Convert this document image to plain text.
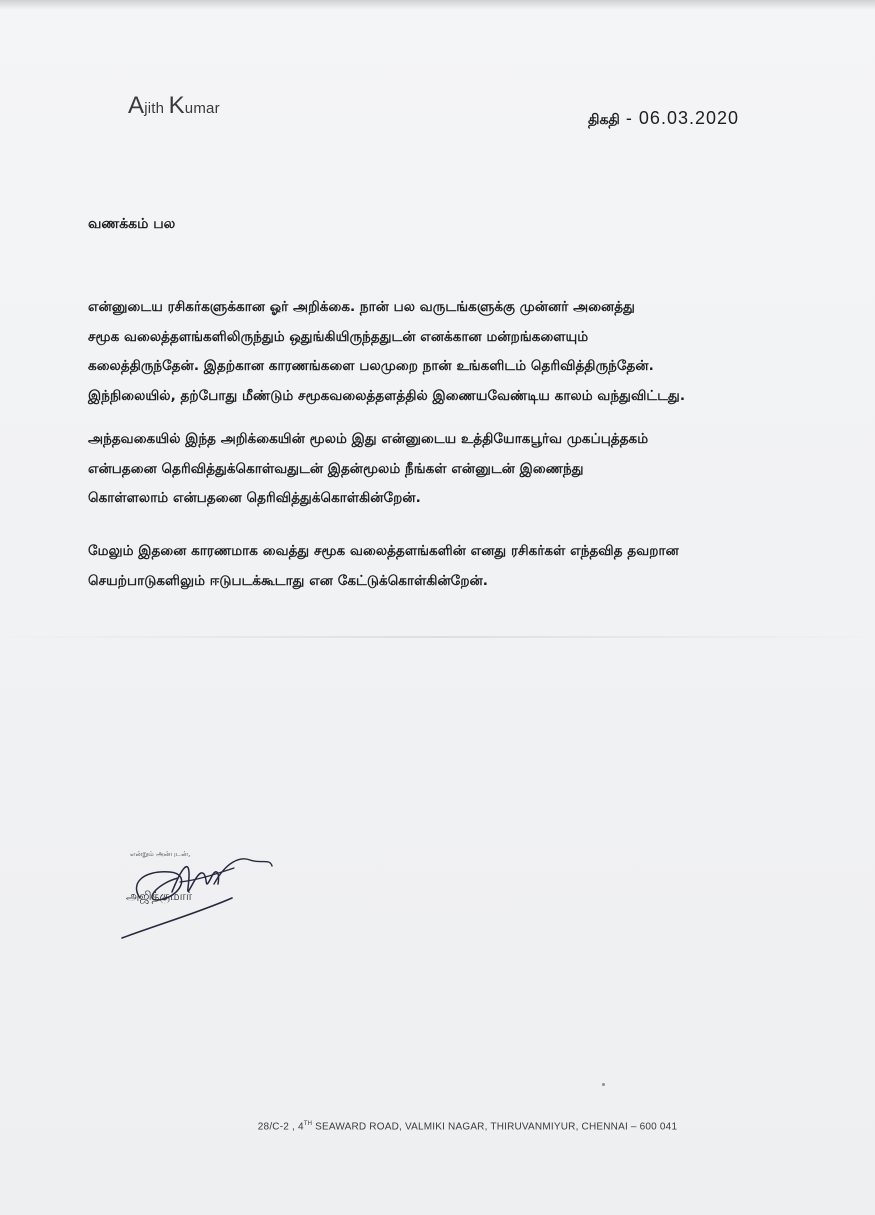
Ajith Kumar
திகதி - 06.03.2020
வணக்கம் பல
என்னுடைய ரசிகர்களுக்கான ஓர் அறிக்கை. நான் பல வருடங்களுக்கு முன்னர் அனைத்து
சமூக வலைத்தளங்களிலிருந்தும் ஒதுங்கியிருந்ததுடன் எனக்கான மன்றங்களையும்
கலைத்திருந்தேன். இதற்கான காரணங்களை பலமுறை நான் உங்களிடம் தெரிவித்திருந்தேன்.
இந்நிலையில், தற்போது மீண்டும் சமூகவலைத்தளத்தில் இணையவேண்டிய காலம் வந்துவிட்டது.
அந்தவகையில் இந்த அறிக்கையின் மூலம் இது என்னுடைய உத்தியோகபூர்வ முகப்புத்தகம்
என்பதனை தெரிவித்துக்கொள்வதுடன் இதன்மூலம் நீங்கள் என்னுடன் இணைந்து
கொள்ளலாம் என்பதனை தெரிவித்துக்கொள்கின்றேன்.
மேலும் இதனை காரணமாக வைத்து சமூக வலைத்தளங்களின் எனது ரசிகர்கள் எந்தவித தவறான
செயற்பாடுகளிலும் ஈடுபடக்கூடாது என கேட்டுக்கொள்கின்றேன்.
என்றும் அன்புடன்,
அஜித்குமார்
28/C-2 , 4TH SEAWARD ROAD, VALMIKI NAGAR, THIRUVANMIYUR, CHENNAI – 600 041
